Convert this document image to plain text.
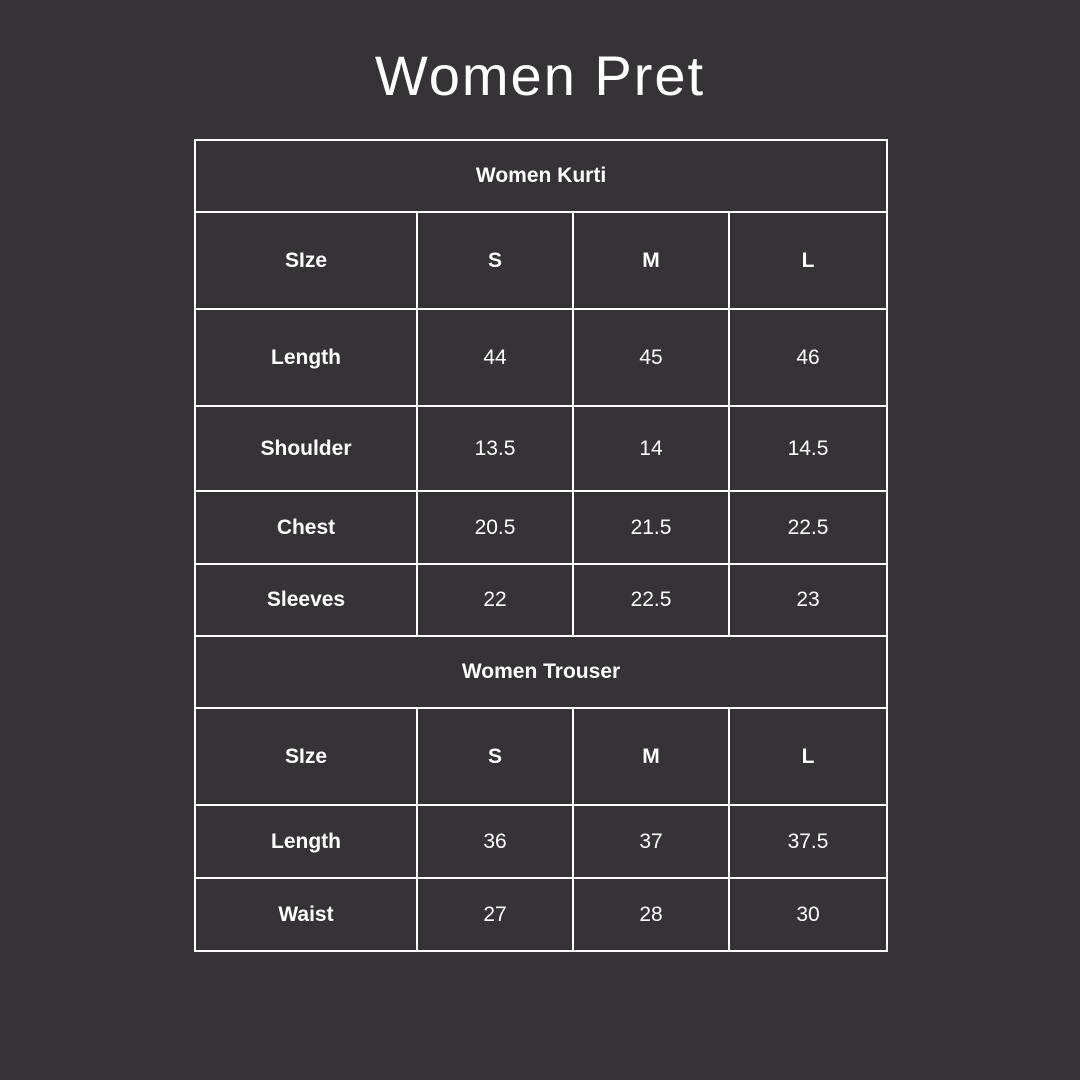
Women Pret
Women Kurti			
SIze	S	M	L
Length	44	45	46
Shoulder	13.5	14	14.5
Chest	20.5	21.5	22.5
Sleeves	22	22.5	23
Women Trouser			
SIze	S	M	L
Length	36	37	37.5
Waist	27	28	30
